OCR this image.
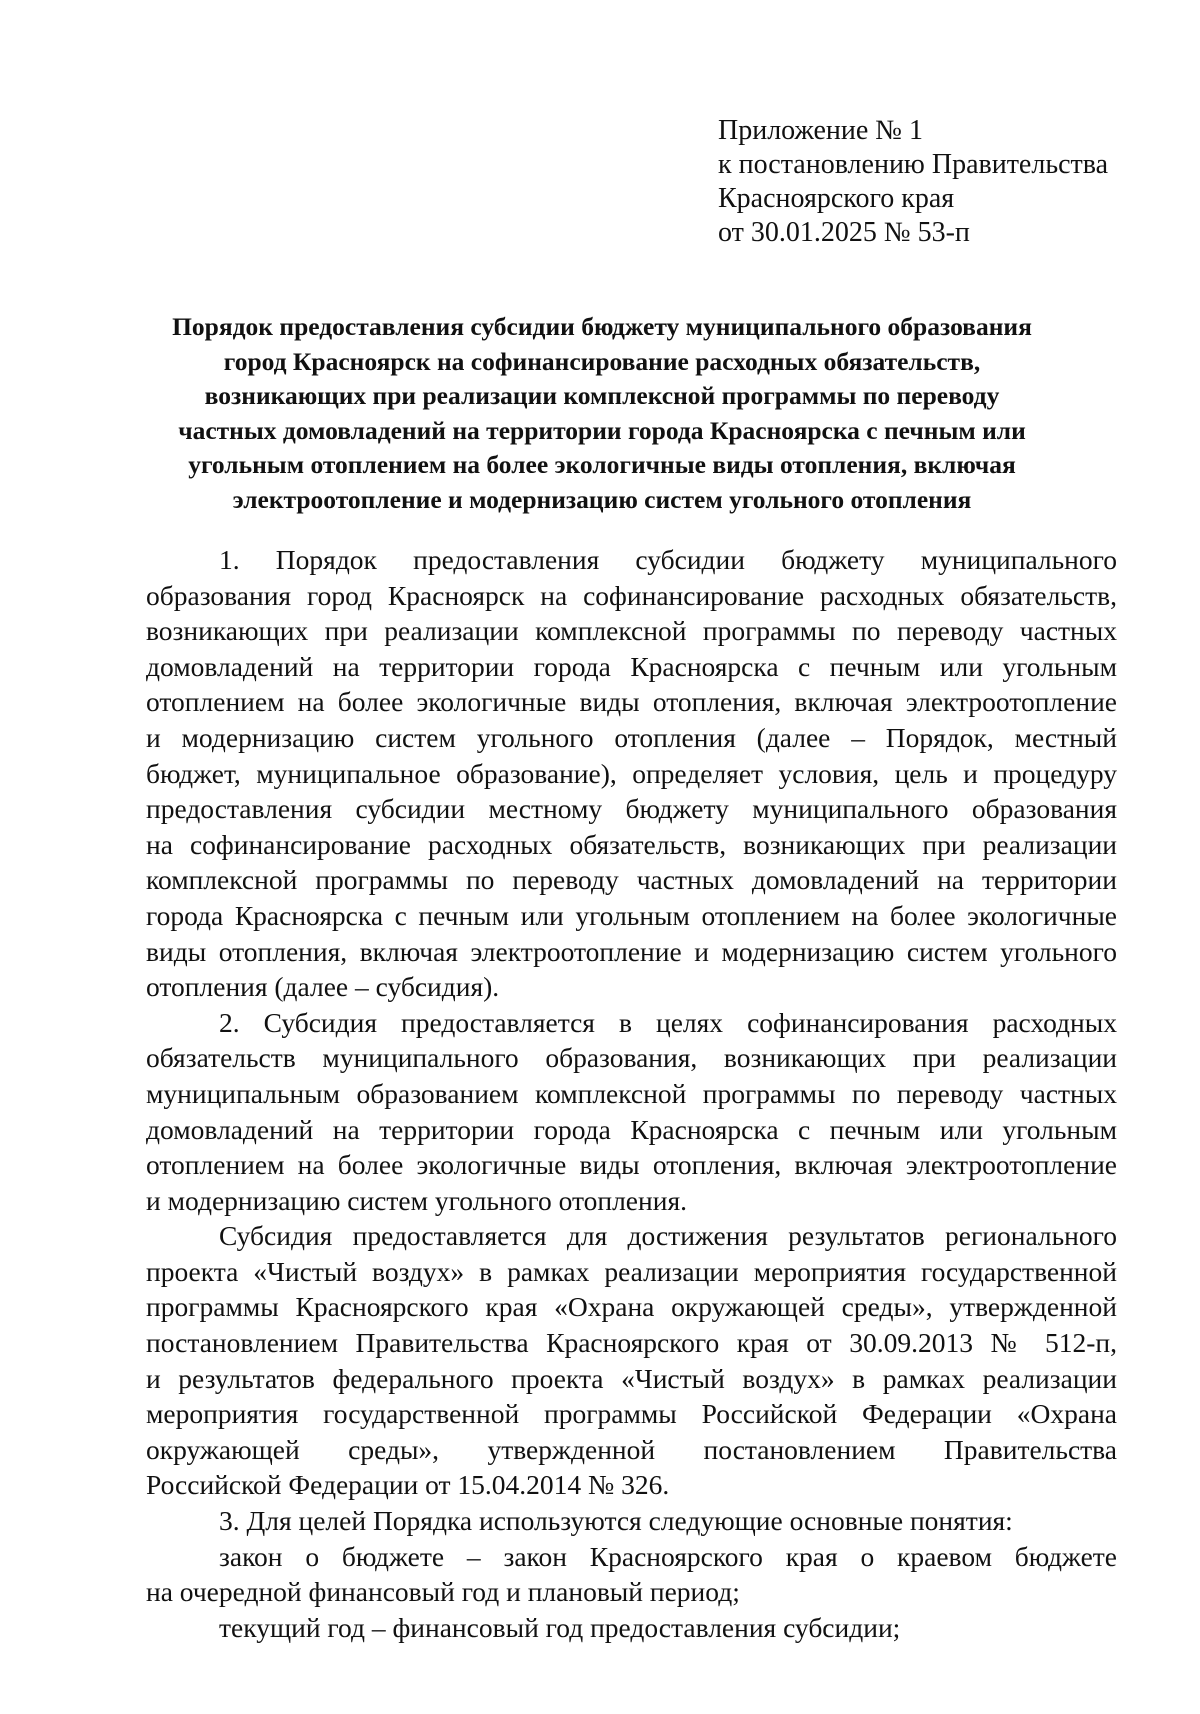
Приложение № 1
к постановлению Правительства
Красноярского края
от 30.01.2025 № 53-п
Порядок предоставления субсидии бюджету муниципального образования
город Красноярск на софинансирование расходных обязательств,
возникающих при реализации комплексной программы по переводу
частных домовладений на территории города Красноярска с печным или
угольным отоплением на более экологичные виды отопления, включая
электроотопление и модернизацию систем угольного отопления
1. Порядок предоставления субсидии бюджету муниципального
образования город Красноярск на софинансирование расходных обязательств,
возникающих при реализации комплексной программы по переводу частных
домовладений на территории города Красноярска с печным или угольным
отоплением на более экологичные виды отопления, включая электроотопление
и модернизацию систем угольного отопления (далее – Порядок, местный
бюджет, муниципальное образование), определяет условия, цель и процедуру
предоставления субсидии местному бюджету муниципального образования
на софинансирование расходных обязательств, возникающих при реализации
комплексной программы по переводу частных домовладений на территории
города Красноярска с печным или угольным отоплением на более экологичные
виды отопления, включая электроотопление и модернизацию систем угольного
отопления (далее – субсидия).
2. Субсидия предоставляется в целях софинансирования расходных
обязательств муниципального образования, возникающих при реализации
муниципальным образованием комплексной программы по переводу частных
домовладений на территории города Красноярска с печным или угольным
отоплением на более экологичные виды отопления, включая электроотопление
и модернизацию систем угольного отопления.
Субсидия предоставляется для достижения результатов регионального
проекта «Чистый воздух» в рамках реализации мероприятия государственной
программы Красноярского края «Охрана окружающей среды», утвержденной
постановлением Правительства Красноярского края от 30.09.2013 № 512-п,
и результатов федерального проекта «Чистый воздух» в рамках реализации
мероприятия государственной программы Российской Федерации «Охрана
окружающей среды», утвержденной постановлением Правительства
Российской Федерации от 15.04.2014 № 326.
3. Для целей Порядка используются следующие основные понятия:
закон о бюджете – закон Красноярского края о краевом бюджете
на очередной финансовый год и плановый период;
текущий год – финансовый год предоставления субсидии;
